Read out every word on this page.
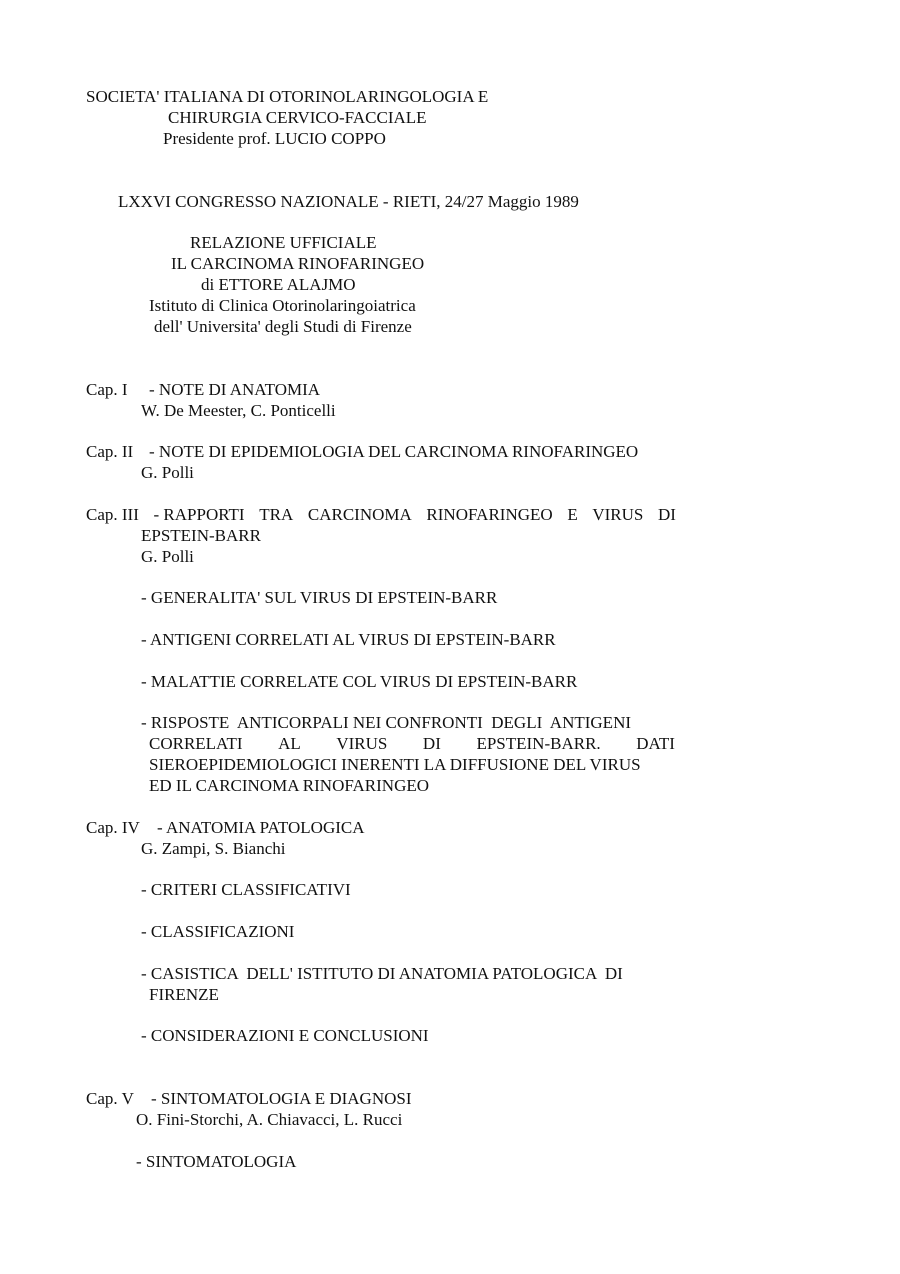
SOCIETA' ITALIANA DI OTORINOLARINGOLOGIA E
CHIRURGIA CERVICO-FACCIALE
Presidente prof. LUCIO COPPO
LXXVI CONGRESSO NAZIONALE - RIETI, 24/27 Maggio 1989
RELAZIONE UFFICIALE
IL CARCINOMA RINOFARINGEO
di ETTORE ALAJMO
Istituto di Clinica Otorinolaringoiatrica
dell' Universita' degli Studi di Firenze
Cap. I - NOTE DI ANATOMIA
W. De Meester, C. Ponticelli
Cap. II - NOTE DI EPIDEMIOLOGIA DEL CARCINOMA RINOFARINGEO
G. Polli
Cap. III - RAPPORTI TRA CARCINOMA RINOFARINGEO E VIRUS DI
EPSTEIN-BARR
G. Polli
- GENERALITA' SUL VIRUS DI EPSTEIN-BARR
- ANTIGENI CORRELATI AL VIRUS DI EPSTEIN-BARR
- MALATTIE CORRELATE COL VIRUS DI EPSTEIN-BARR
- RISPOSTE  ANTICORPALI NEI CONFRONTI  DEGLI  ANTIGENI
CORRELATI AL VIRUS DI EPSTEIN-BARR. DATI
SIEROEPIDEMIOLOGICI INERENTI LA DIFFUSIONE DEL VIRUS
ED IL CARCINOMA RINOFARINGEO
Cap. IV - ANATOMIA PATOLOGICA
G. Zampi, S. Bianchi
- CRITERI CLASSIFICATIVI
- CLASSIFICAZIONI
- CASISTICA  DELL' ISTITUTO DI ANATOMIA PATOLOGICA  DI
FIRENZE
- CONSIDERAZIONI E CONCLUSIONI
Cap. V - SINTOMATOLOGIA E DIAGNOSI
O. Fini-Storchi, A. Chiavacci, L. Rucci
- SINTOMATOLOGIA
